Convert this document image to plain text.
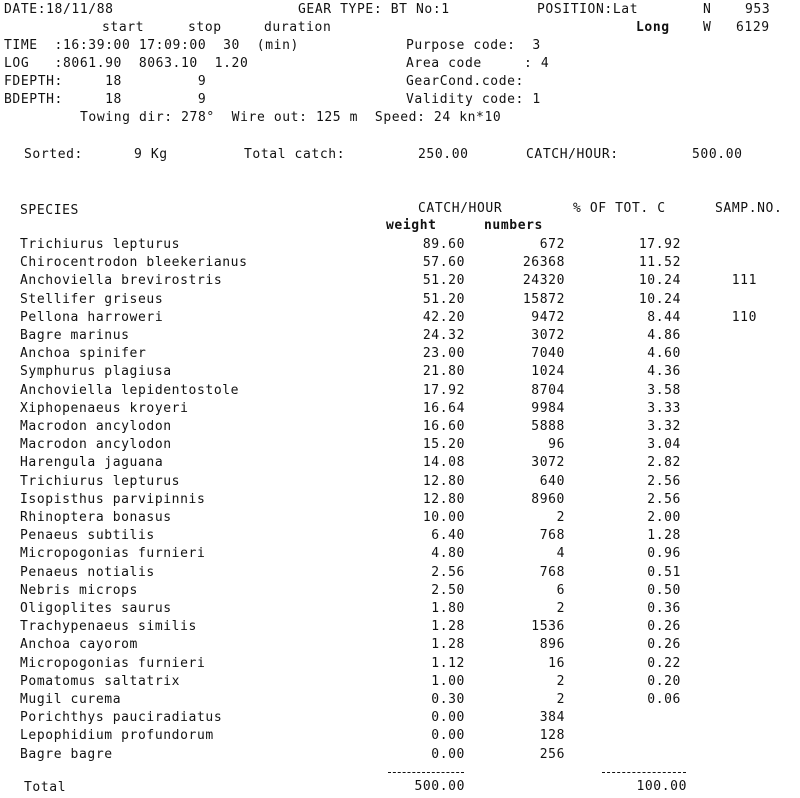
DATE:18/11/88	GEAR TYPE: BT No:1	POSITION:Lat	N	953
start	stop	duration	Long	W 6129
TIME  :16:39:00 17:09:00  30  (min)	Purpose code:  3
LOG   :8061.90  8063.10  1.20	Area code     : 4
FDEPTH:     18         9	GearCond.code:
BDEPTH:     18         9	Validity code: 1
Towing dir: 278°  Wire out: 125 m  Speed: 24 kn*10
Sorted:	9 Kg	Total catch:	250.00	CATCH/HOUR:	500.00
SPECIES	CATCH/HOUR	% OF TOT. C	SAMP.NO.
weight	numbers
Trichiurus lepturus	89.60	672	17.92
Chirocentrodon bleekerianus	57.60	26368	11.52
Anchoviella brevirostris	51.20	24320	10.24	111
Stellifer griseus	51.20	15872	10.24
Pellona harroweri	42.20	9472	8.44	110
Bagre marinus	24.32	3072	4.86
Anchoa spinifer	23.00	7040	4.60
Symphurus plagiusa	21.80	1024	4.36
Anchoviella lepidentostole	17.92	8704	3.58
Xiphopenaeus kroyeri	16.64	9984	3.33
Macrodon ancylodon	16.60	5888	3.32
Macrodon ancylodon	15.20	96	3.04
Harengula jaguana	14.08	3072	2.82
Trichiurus lepturus	12.80	640	2.56
Isopisthus parvipinnis	12.80	8960	2.56
Rhinoptera bonasus	10.00	2	2.00
Penaeus subtilis	6.40	768	1.28
Micropogonias furnieri	4.80	4	0.96
Penaeus notialis	2.56	768	0.51
Nebris microps	2.50	6	0.50
Oligoplites saurus	1.80	2	0.36
Trachypenaeus similis	1.28	1536	0.26
Anchoa cayorom	1.28	896	0.26
Micropogonias furnieri	1.12	16	0.22
Pomatomus saltatrix	1.00	2	0.20
Mugil curema	0.30	2	0.06
Porichthys pauciradiatus	0.00	384
Lepophidium profundorum	0.00	128
Bagre bagre	0.00	256
Total	500.00	100.00
